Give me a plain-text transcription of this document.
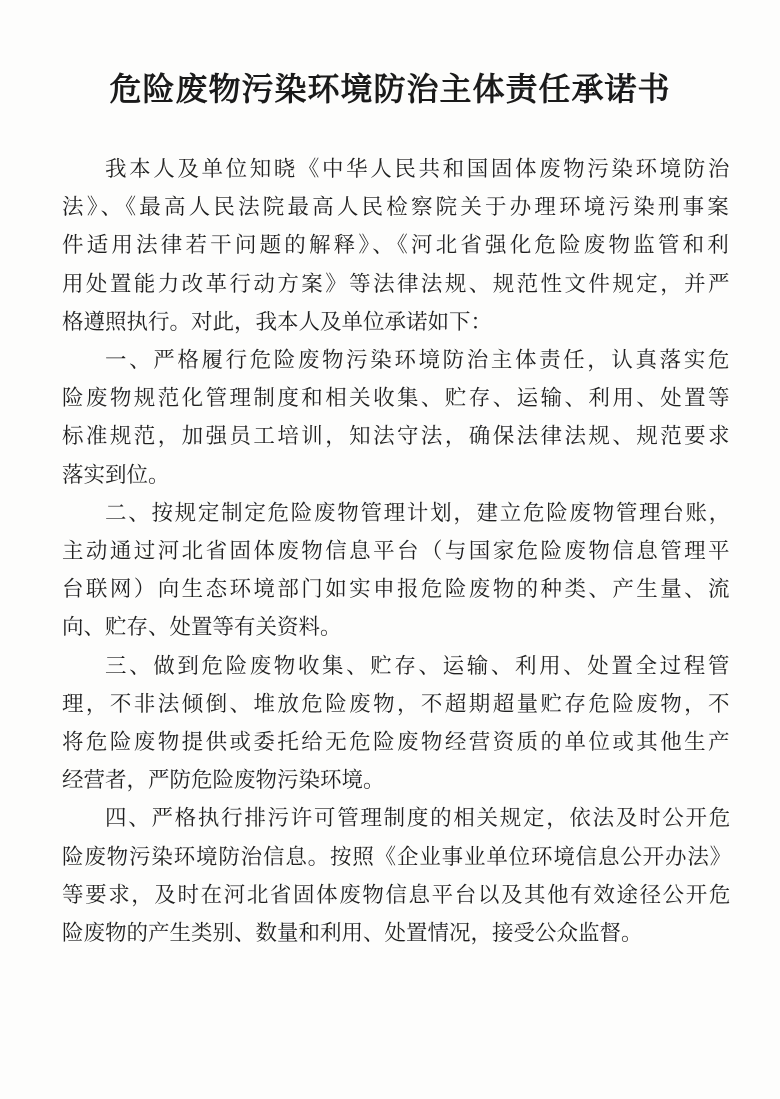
危险废物污染环境防治主体责任承诺书
我本人及单位知晓《中华人民共和国固体废物污染环境防治
法》、《最高人民法院最高人民检察院关于办理环境污染刑事案
件适用法律若干问题的解释》、《河北省强化危险废物监管和利
用处置能力改革行动方案》等法律法规、规范性文件规定，并严
格遵照执行。对此，我本人及单位承诺如下：
一、严格履行危险废物污染环境防治主体责任，认真落实危
险废物规范化管理制度和相关收集、贮存、运输、利用、处置等
标准规范，加强员工培训，知法守法，确保法律法规、规范要求
落实到位。
二、按规定制定危险废物管理计划，建立危险废物管理台账，
主动通过河北省固体废物信息平台（与国家危险废物信息管理平
台联网）向生态环境部门如实申报危险废物的种类、产生量、流
向、贮存、处置等有关资料。
三、做到危险废物收集、贮存、运输、利用、处置全过程管
理，不非法倾倒、堆放危险废物，不超期超量贮存危险废物，不
将危险废物提供或委托给无危险废物经营资质的单位或其他生产
经营者，严防危险废物污染环境。
四、严格执行排污许可管理制度的相关规定，依法及时公开危
险废物污染环境防治信息。按照《企业事业单位环境信息公开办法》
等要求，及时在河北省固体废物信息平台以及其他有效途径公开危
险废物的产生类别、数量和利用、处置情况，接受公众监督。
